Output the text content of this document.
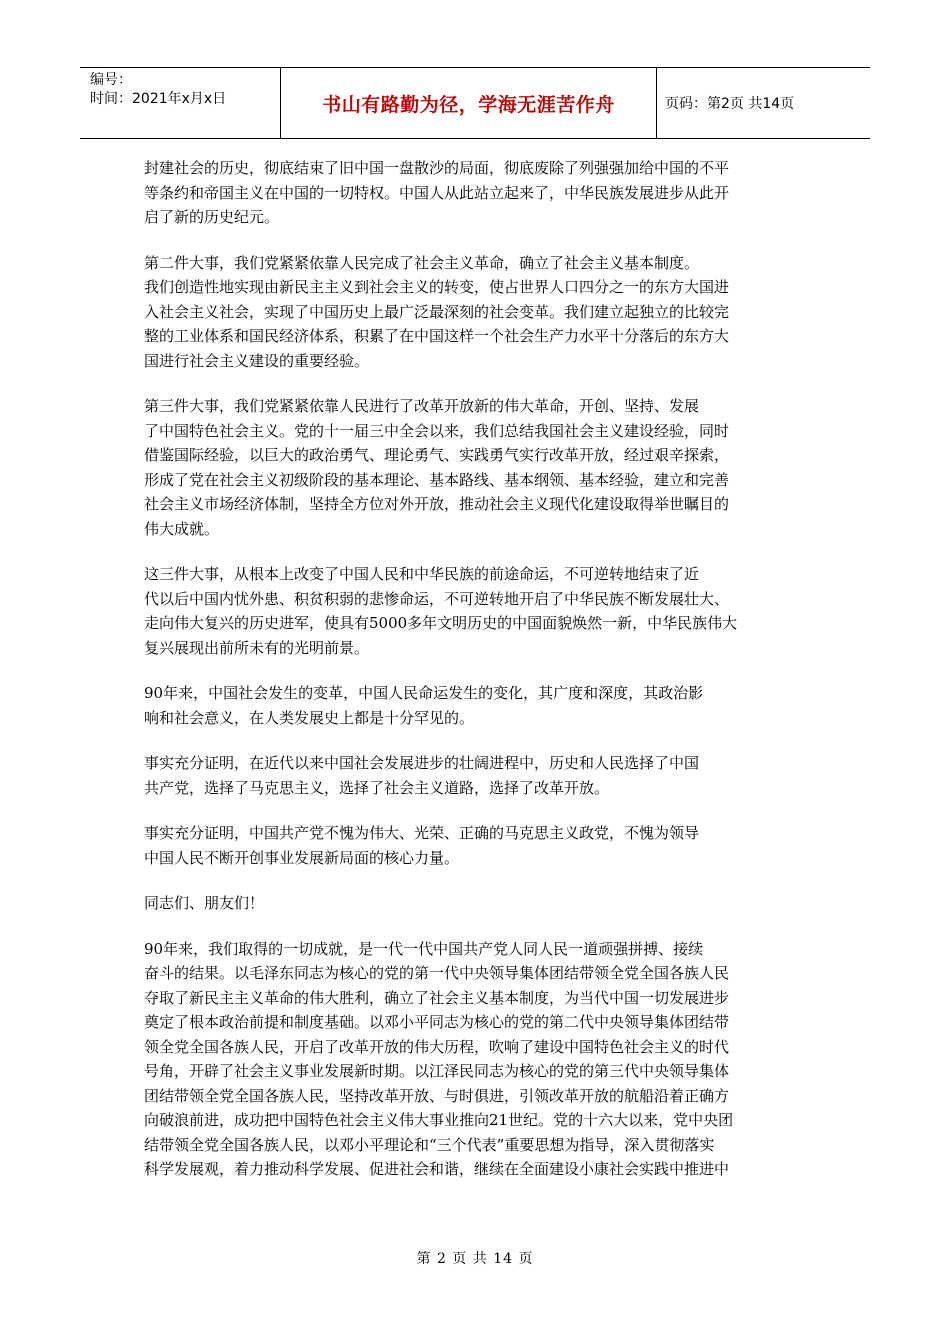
编号：
时间：2021年x月x日	书山有路勤为径，学海无涯苦作舟	页码：第2页 共14页

封建社会的历史，彻底结束了旧中国一盘散沙的局面，彻底废除了列强强加给中国的不平
等条约和帝国主义在中国的一切特权。中国人从此站立起来了，中华民族发展进步从此开
启了新的历史纪元。

第二件大事，我们党紧紧依靠人民完成了社会主义革命，确立了社会主义基本制度。
我们创造性地实现由新民主主义到社会主义的转变，使占世界人口四分之一的东方大国进
入社会主义社会，实现了中国历史上最广泛最深刻的社会变革。我们建立起独立的比较完
整的工业体系和国民经济体系，积累了在中国这样一个社会生产力水平十分落后的东方大
国进行社会主义建设的重要经验。

第三件大事，我们党紧紧依靠人民进行了改革开放新的伟大革命，开创、坚持、发展
了中国特色社会主义。党的十一届三中全会以来，我们总结我国社会主义建设经验，同时
借鉴国际经验，以巨大的政治勇气、理论勇气、实践勇气实行改革开放，经过艰辛探索，
形成了党在社会主义初级阶段的基本理论、基本路线、基本纲领、基本经验，建立和完善
社会主义市场经济体制，坚持全方位对外开放，推动社会主义现代化建设取得举世瞩目的
伟大成就。

这三件大事，从根本上改变了中国人民和中华民族的前途命运，不可逆转地结束了近
代以后中国内忧外患、积贫积弱的悲惨命运，不可逆转地开启了中华民族不断发展壮大、
走向伟大复兴的历史进军，使具有5000多年文明历史的中国面貌焕然一新，中华民族伟大
复兴展现出前所未有的光明前景。

90年来，中国社会发生的变革，中国人民命运发生的变化，其广度和深度，其政治影
响和社会意义，在人类发展史上都是十分罕见的。

事实充分证明，在近代以来中国社会发展进步的壮阔进程中，历史和人民选择了中国
共产党，选择了马克思主义，选择了社会主义道路，选择了改革开放。

事实充分证明，中国共产党不愧为伟大、光荣、正确的马克思主义政党，不愧为领导
中国人民不断开创事业发展新局面的核心力量。

同志们、朋友们！

90年来，我们取得的一切成就，是一代一代中国共产党人同人民一道顽强拼搏、接续
奋斗的结果。以毛泽东同志为核心的党的第一代中央领导集体团结带领全党全国各族人民
夺取了新民主主义革命的伟大胜利，确立了社会主义基本制度，为当代中国一切发展进步
奠定了根本政治前提和制度基础。以邓小平同志为核心的党的第二代中央领导集体团结带
领全党全国各族人民，开启了改革开放的伟大历程，吹响了建设中国特色社会主义的时代
号角，开辟了社会主义事业发展新时期。以江泽民同志为核心的党的第三代中央领导集体
团结带领全党全国各族人民，坚持改革开放、与时俱进，引领改革开放的航船沿着正确方
向破浪前进，成功把中国特色社会主义伟大事业推向21世纪。党的十六大以来，党中央团
结带领全党全国各族人民，以邓小平理论和“三个代表”重要思想为指导，深入贯彻落实
科学发展观，着力推动科学发展、促进社会和谐，继续在全面建设小康社会实践中推进中

第 2 页 共 14 页
